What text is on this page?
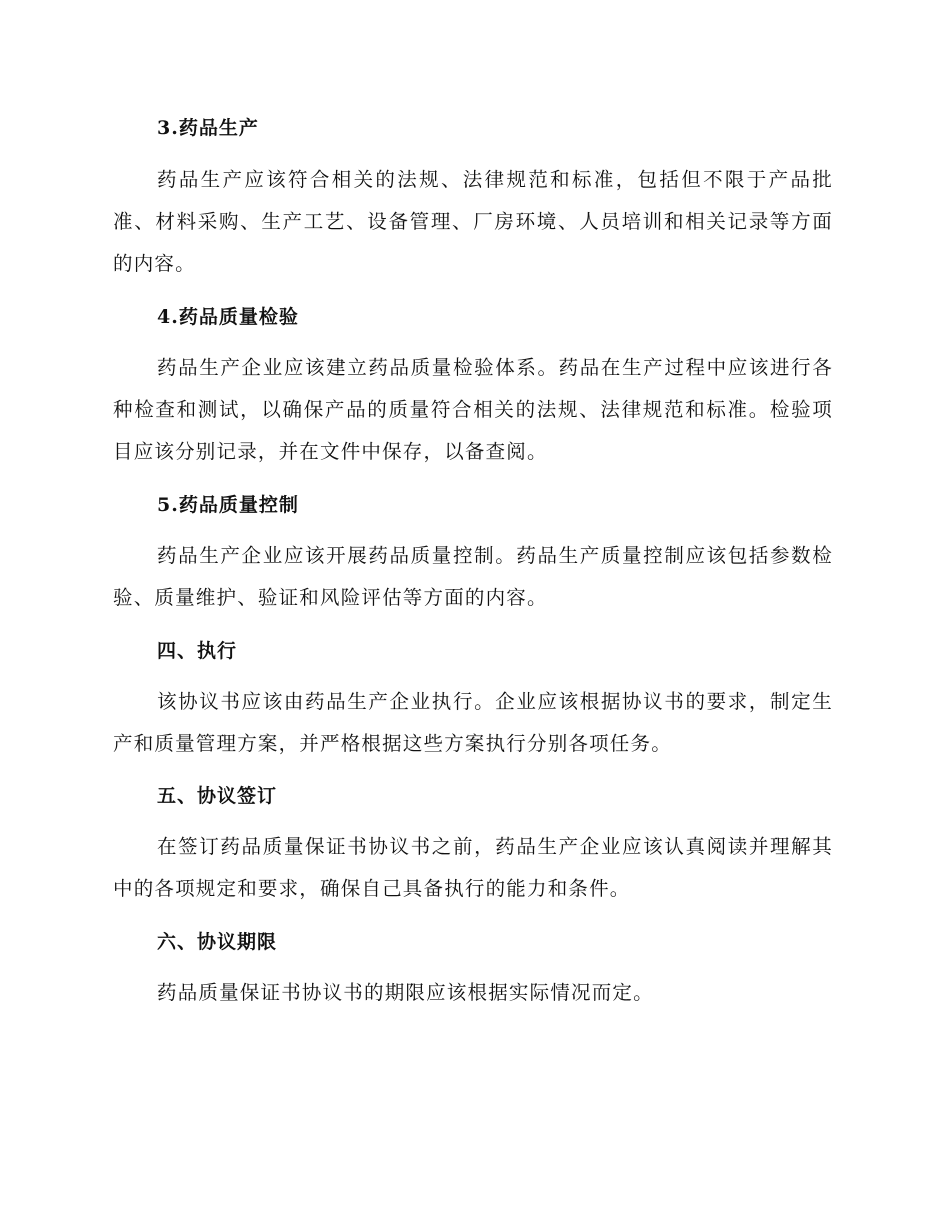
3.药品生产
药品生产应该符合相关的法规、法律规范和标准，包括但不限于产品批准、材料采购、生产工艺、设备管理、厂房环境、人员培训和相关记录等方面的内容。
4.药品质量检验
药品生产企业应该建立药品质量检验体系。药品在生产过程中应该进行各种检查和测试，以确保产品的质量符合相关的法规、法律规范和标准。检验项目应该分别记录，并在文件中保存，以备查阅。
5.药品质量控制
药品生产企业应该开展药品质量控制。药品生产质量控制应该包括参数检验、质量维护、验证和风险评估等方面的内容。
四、执行
该协议书应该由药品生产企业执行。企业应该根据协议书的要求，制定生产和质量管理方案，并严格根据这些方案执行分别各项任务。
五、协议签订
在签订药品质量保证书协议书之前，药品生产企业应该认真阅读并理解其中的各项规定和要求，确保自己具备执行的能力和条件。
六、协议期限
药品质量保证书协议书的期限应该根据实际情况而定。
